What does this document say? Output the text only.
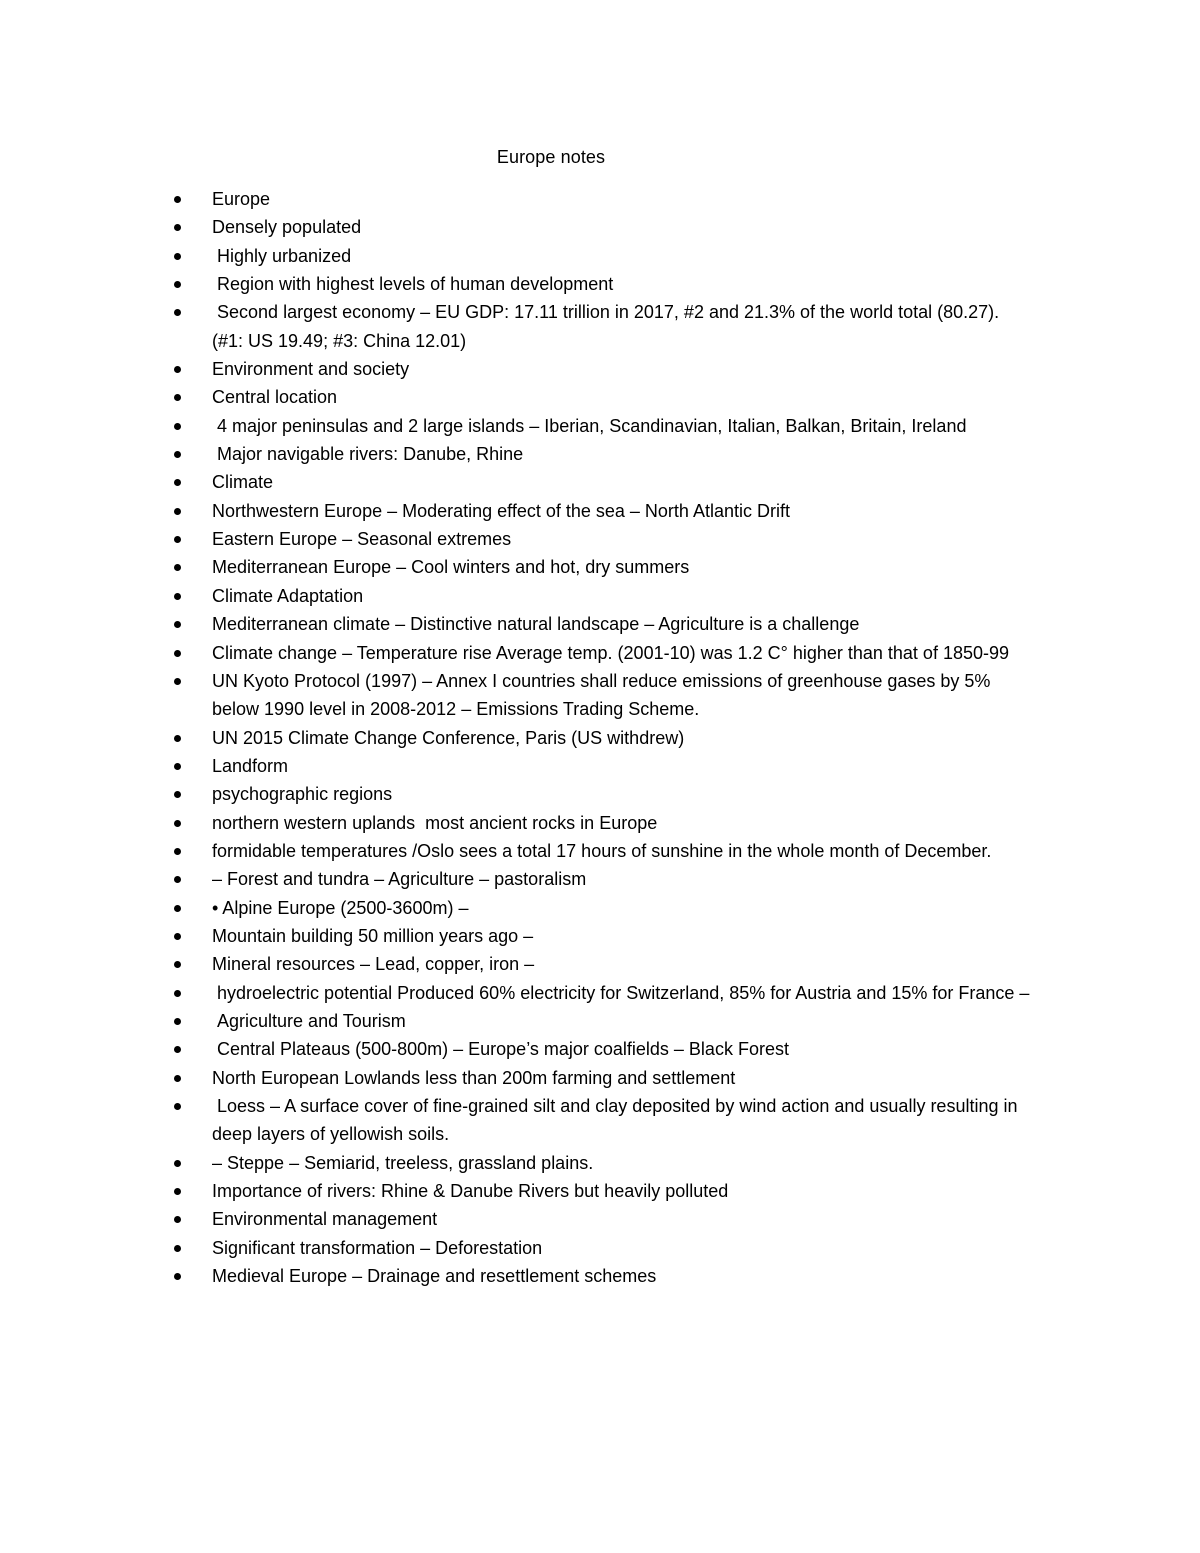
Europe notes
Europe
Densely populated
Highly urbanized
Region with highest levels of human development
Second largest economy – EU GDP: 17.11 trillion in 2017, #2 and 21.3% of the world total (80.27). (#1: US 19.49; #3: China 12.01)
Environment and society
Central location
4 major peninsulas and 2 large islands – Iberian, Scandinavian, Italian, Balkan, Britain, Ireland
Major navigable rivers: Danube, Rhine
Climate
Northwestern Europe – Moderating effect of the sea – North Atlantic Drift
Eastern Europe – Seasonal extremes
Mediterranean Europe – Cool winters and hot, dry summers
Climate Adaptation
Mediterranean climate – Distinctive natural landscape – Agriculture is a challenge
Climate change – Temperature rise Average temp. (2001-10) was 1.2 C° higher than that of 1850-99
UN Kyoto Protocol (1997) – Annex I countries shall reduce emissions of greenhouse gases by 5% below 1990 level in 2008-2012 – Emissions Trading Scheme.
UN 2015 Climate Change Conference, Paris (US withdrew)
Landform
psychographic regions
northern western uplands  most ancient rocks in Europe
formidable temperatures /Oslo sees a total 17 hours of sunshine in the whole month of December.
– Forest and tundra – Agriculture – pastoralism
• Alpine Europe (2500-3600m) –
Mountain building 50 million years ago –
Mineral resources – Lead, copper, iron –
hydroelectric potential Produced 60% electricity for Switzerland, 85% for Austria and 15% for France –
Agriculture and Tourism
Central Plateaus (500-800m) – Europe’s major coalfields – Black Forest
North European Lowlands less than 200m farming and settlement
Loess – A surface cover of fine-grained silt and clay deposited by wind action and usually resulting in deep layers of yellowish soils.
– Steppe – Semiarid, treeless, grassland plains.
Importance of rivers: Rhine & Danube Rivers but heavily polluted
Environmental management
Significant transformation – Deforestation
Medieval Europe – Drainage and resettlement schemes
